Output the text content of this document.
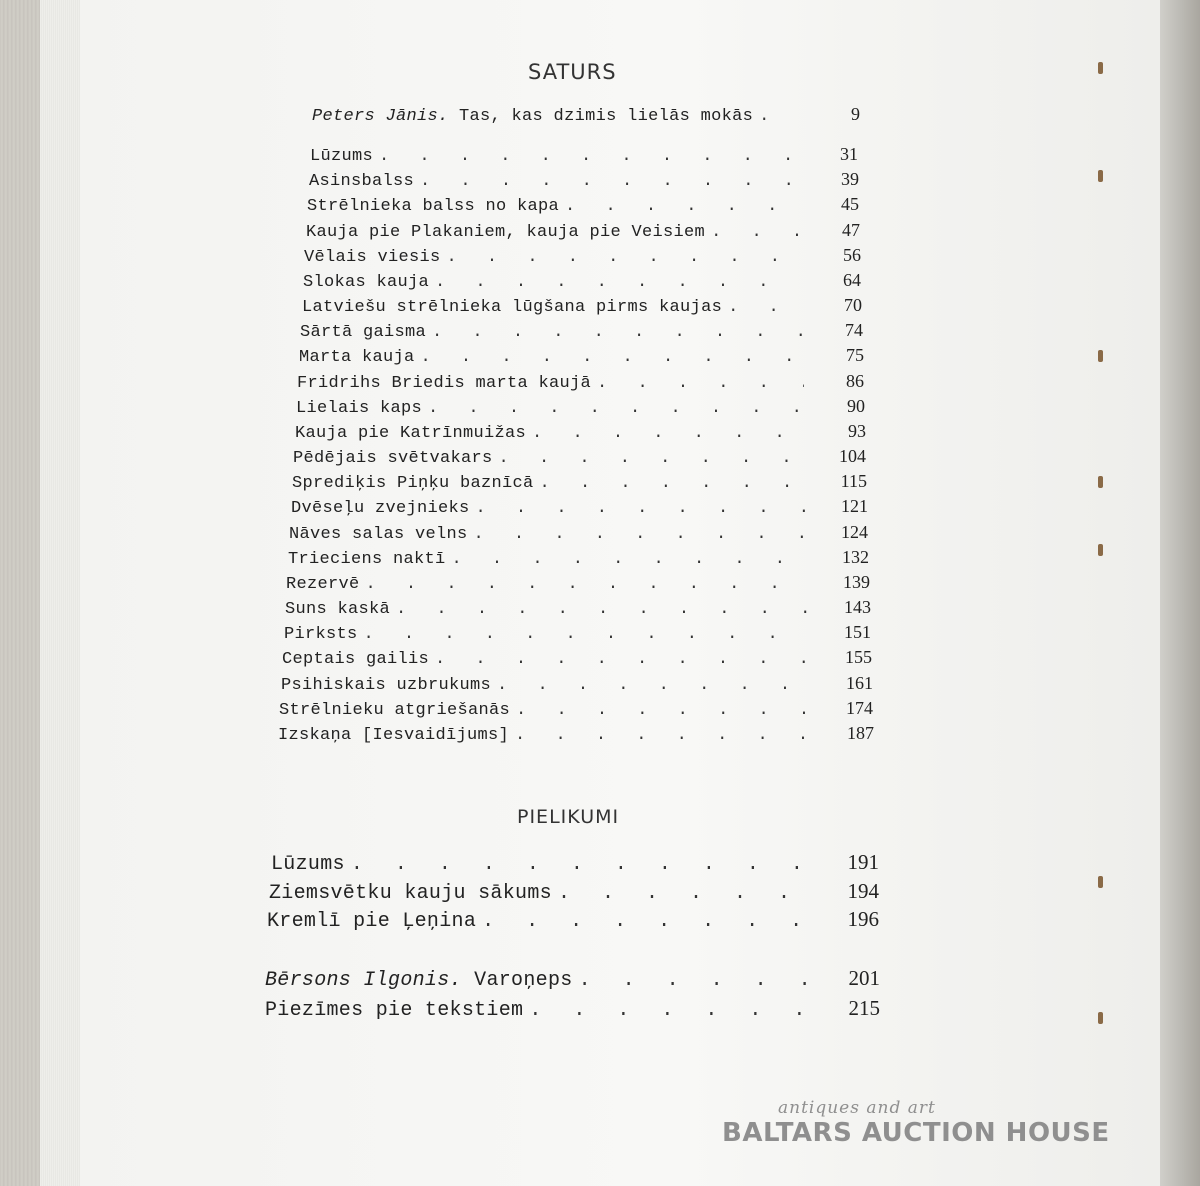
SATURS
Peters Jānis. Tas, kas dzimis lielās mokās . . .	9
Lūzums . . .	31
Asinsbalss . . .	39
Strēlnieka balss no kapa . . .	45
Kauja pie Plakaniem, kauja pie Veisiem . . .	47
Vēlais viesis . . .	56
Slokas kauja . . .	64
Latviešu strēlnieka lūgšana pirms kaujas . . .	70
Sārtā gaisma . . .	74
Marta kauja . . .	75
Fridrihs Briedis marta kaujā . . .	86
Lielais kaps . . .	90
Kauja pie Katrīnmuižas . . .	93
Pēdējais svētvakars . . .	104
Sprediķis Piņķu baznīcā . . .	115
Dvēseļu zvejnieks . . .	121
Nāves salas velns . . .	124
Trieciens naktī . . .	132
Rezervē . . .	139
Suns kaskā . . .	143
Pirksts . . .	151
Ceptais gailis . . .	155
Psihiskais uzbrukums . . .	161
Strēlnieku atgriešanās . . .	174
Izskaņa [Iesvaidījums] . . .	187
PIELIKUMI
Lūzums . . .	191
Ziemsvētku kauju sākums . . .	194
Kremlī pie Ļeņina . . .	196
Bērsons Ilgonis. Varoņeps . . .	201
Piezīmes pie tekstiem . . .	215
antiques and art
BALTARS AUCTION HOUSE
